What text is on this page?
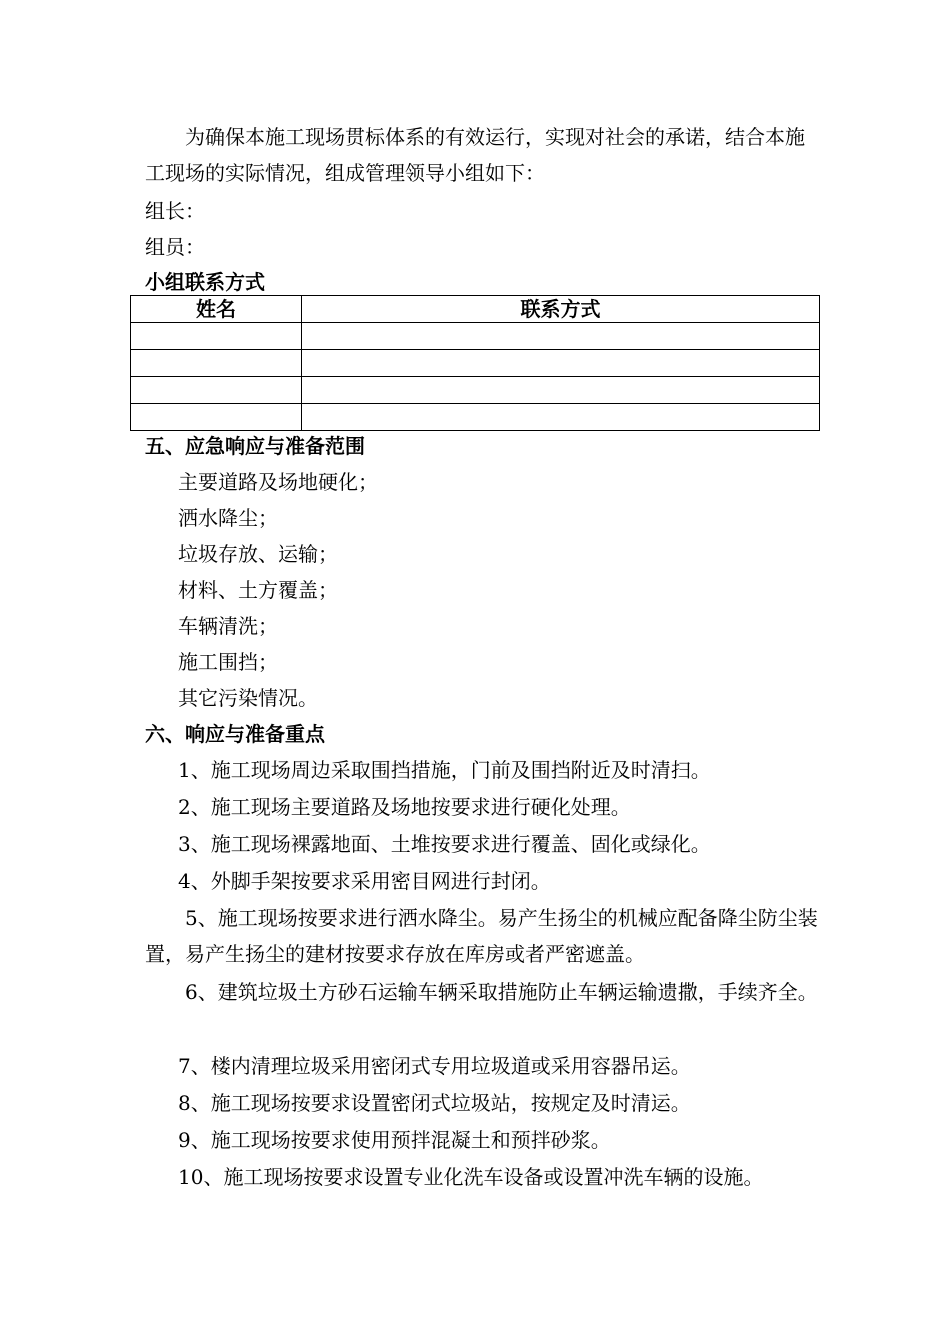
为确保本施工现场贯标体系的有效运行，实现对社会的承诺，结合本施工现场的实际情况，组成管理领导小组如下：

组长：

组员：

小组联系方式

姓名	联系方式

五、应急响应与准备范围

主要道路及场地硬化；

洒水降尘；

垃圾存放、运输；

材料、土方覆盖；

车辆清洗；

施工围挡；

其它污染情况。

六、响应与准备重点

1、施工现场周边采取围挡措施，门前及围挡附近及时清扫。

2、施工现场主要道路及场地按要求进行硬化处理。

3、施工现场裸露地面、土堆按要求进行覆盖、固化或绿化。

4、外脚手架按要求采用密目网进行封闭。

5、施工现场按要求进行洒水降尘。易产生扬尘的机械应配备降尘防尘装置，易产生扬尘的建材按要求存放在库房或者严密遮盖。

6、建筑垃圾土方砂石运输车辆采取措施防止车辆运输遗撒，手续齐全。

7、楼内清理垃圾采用密闭式专用垃圾道或采用容器吊运。

8、施工现场按要求设置密闭式垃圾站，按规定及时清运。

9、施工现场按要求使用预拌混凝土和预拌砂浆。

10、施工现场按要求设置专业化洗车设备或设置冲洗车辆的设施。
